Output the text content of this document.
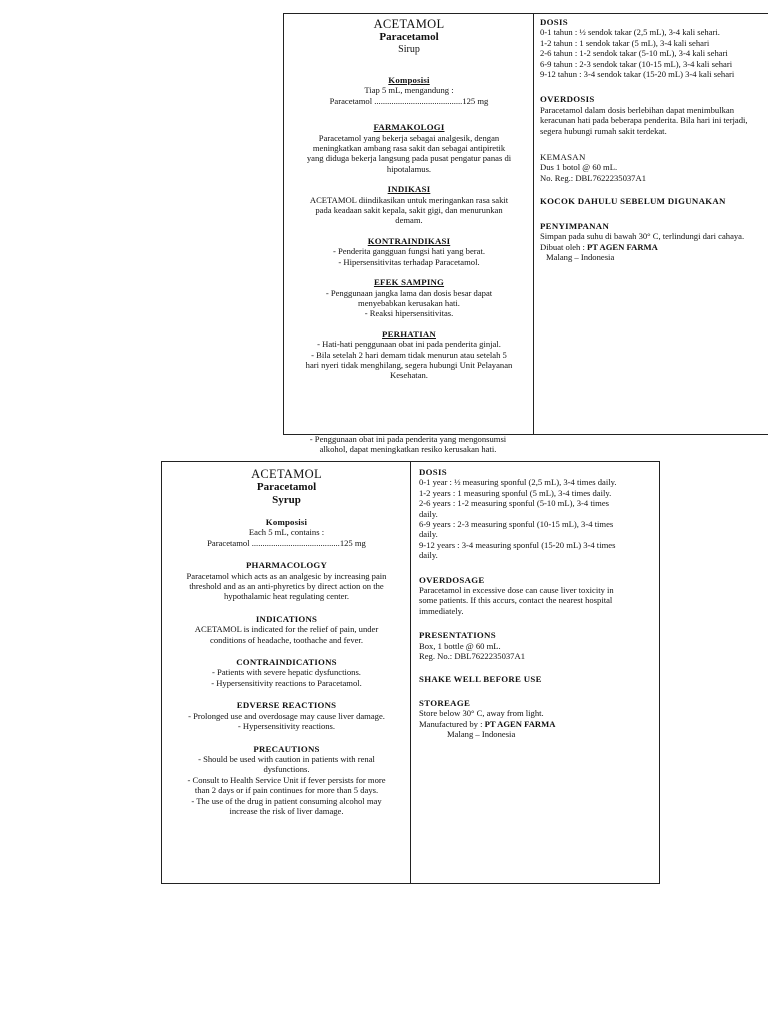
ACETAMOL
Paracetamol
Sirup
Komposisi
Tiap 5 mL, mengandung :
Paracetamol .........................................125 mg
FARMAKOLOGI
Paracetamol yang bekerja sebagai analgesik, dengan
meningkatkan ambang rasa sakit dan sebagai antipiretik
yang diduga bekerja langsung pada pusat pengatur panas di
hipotalamus.
INDIKASI
ACETAMOL diindikasikan untuk meringankan rasa sakit
pada keadaan sakit kepala, sakit gigi, dan menurunkan
demam.
KONTRAINDIKASI
- Penderita gangguan fungsi hati yang berat.
- Hipersensitivitas terhadap Paracetamol.
EFEK SAMPING
- Penggunaan jangka lama dan dosis besar dapat
menyebabkan kerusakan hati.
- Reaksi hipersensitivitas.
PERHATIAN
- Hati-hati penggunaan obat ini pada penderita ginjal.
- Bila setelah 2 hari demam tidak menurun atau setelah 5
hari nyeri tidak menghilang, segera hubungi Unit Pelayanan
Kesehatan.
DOSIS
0-1 tahun : ½ sendok takar (2,5 mL), 3-4 kali sehari.
1-2 tahun : 1 sendok takar (5 mL), 3-4 kali sehari
2-6 tahun : 1-2 sendok takar (5-10 mL), 3-4 kali sehari
6-9 tahun : 2-3 sendok takar (10-15 mL), 3-4 kali sehari
9-12 tahun : 3-4 sendok takar (15-20 mL) 3-4 kali sehari
OVERDOSIS
Paracetamol dalam dosis berlebihan dapat menimbulkan
keracunan hati pada beberapa penderita. Bila hari ini terjadi,
segera hubungi rumah sakit terdekat.
KEMASAN
Dus 1 botol @ 60 mL.
No. Reg.: DBL7622235037A1
KOCOK DAHULU SEBELUM DIGUNAKAN
PENYIMPANAN
Simpan pada suhu di bawah 30° C, terlindungi dari cahaya.
Dibuat oleh : PT AGEN FARMA
Malang – Indonesia
- Penggunaan obat ini pada penderita yang mengonsumsi
alkohol, dapat meningkatkan resiko kerusakan hati.
ACETAMOL
Paracetamol
Syrup
Komposisi
Each 5 mL, contains :
Paracetamol .........................................125 mg
PHARMACOLOGY
Paracetamol which acts as an analgesic by increasing pain
threshold and as an anti-phyretics by direct action on the
hypothalamic heat regulating center.
INDICATIONS
ACETAMOL is indicated for the relief of pain, under
conditions of headache, toothache and fever.
CONTRAINDICATIONS
- Patients with severe hepatic dysfunctions.
- Hypersensitivity reactions to Paracetamol.
EDVERSE REACTIONS
- Prolonged use and overdosage may cause liver damage.
- Hypersensitivity reactions.
PRECAUTIONS
- Should be used with caution in patients with renal
dysfunctions.
- Consult to Health Service Unit if fever persists for more
than 2 days or if pain continues for more than 5 days.
- The use of the drug in patient consuming alcohol may
increase the risk of liver damage.
DOSIS
0-1 year : ½ measuring sponful (2,5 mL), 3-4 times daily.
1-2 years : 1 measuring sponful (5 mL), 3-4 times daily.
2-6 years : 1-2 measuring sponful (5-10 mL), 3-4 times
daily.
6-9 years : 2-3 measuring sponful (10-15 mL), 3-4 times
daily.
9-12 years : 3-4 measuring sponful (15-20 mL) 3-4 times
daily.
OVERDOSAGE
Paracetamol in excessive dose can cause liver toxicity in
some patients. If this accurs, contact the nearest hospital
immediately.
PRESENTATIONS
Box, 1 bottle @ 60 mL.
Reg. No.: DBL7622235037A1
SHAKE WELL BEFORE USE
STOREAGE
Store below 30° C, away from light.
Manufactured by : PT AGEN FARMA
Malang – Indonesia
